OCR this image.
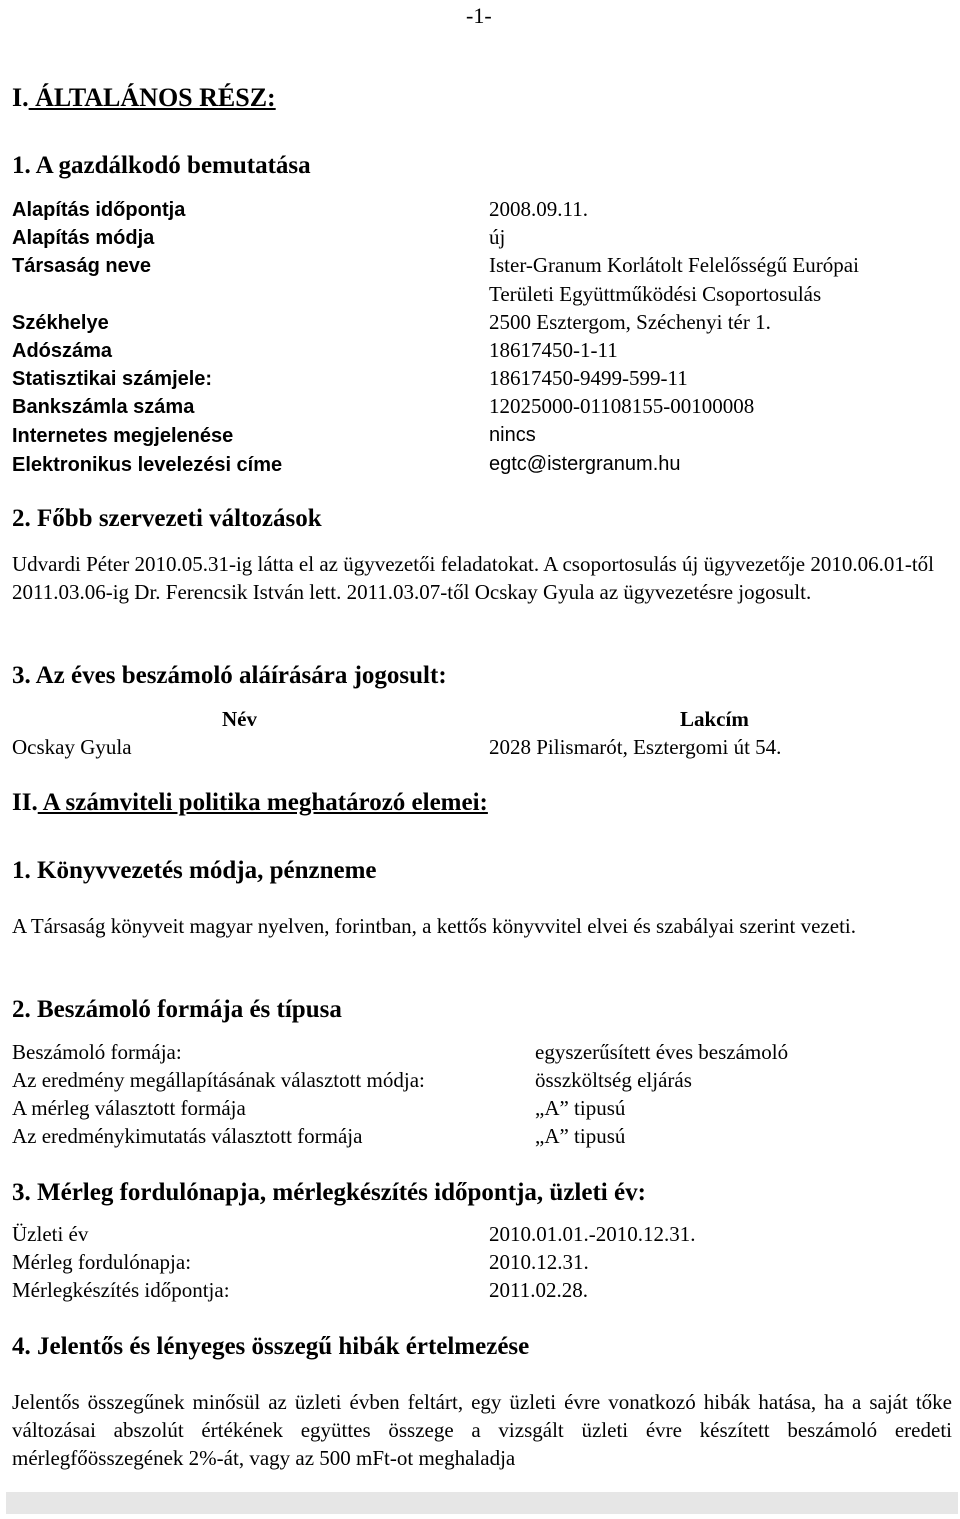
-1-
I. ÁLTALÁNOS RÉSZ:
1. A gazdálkodó bemutatása
Alapítás időpontja	2008.09.11.
Alapítás módja	új
Társaság neve	Ister-Granum Korlátolt Felelősségű Európai
Területi Együttműködési Csoportosulás
Székhelye	2500 Esztergom, Széchenyi tér 1.
Adószáma	18617450-1-11
Statisztikai számjele:	18617450-9499-599-11
Bankszámla száma	12025000-01108155-00100008
Internetes megjelenése	nincs
Elektronikus levelezési címe	egtc@istergranum.hu
2. Főbb szervezeti változások
Udvardi Péter 2010.05.31-ig látta el az ügyvezetői feladatokat. A csoportosulás új ügyvezetője 2010.06.01-től 2011.03.06-ig Dr. Ferencsik István lett. 2011.03.07-től Ocskay Gyula az ügyvezetésre jogosult.
3. Az éves beszámoló aláírására jogosult:
Név	Lakcím
Ocskay Gyula	2028 Pilismarót, Esztergomi út 54.
II. A számviteli politika meghatározó elemei:
1. Könyvvezetés módja, pénzneme
A Társaság könyveit magyar nyelven, forintban, a kettős könyvvitel elvei és szabályai szerint vezeti.
2. Beszámoló formája és típusa
Beszámoló formája:	egyszerűsített éves beszámoló
Az eredmény megállapításának választott módja:	összköltség eljárás
A mérleg választott formája	„A” tipusú
Az eredménykimutatás választott formája	„A” tipusú
3. Mérleg fordulónapja, mérlegkészítés időpontja, üzleti év:
Üzleti év	2010.01.01.-2010.12.31.
Mérleg fordulónapja:	2010.12.31.
Mérlegkészítés időpontja:	2011.02.28.
4. Jelentős és lényeges összegű hibák értelmezése
Jelentős összegűnek minősül az üzleti évben feltárt, egy üzleti évre vonatkozó hibák hatása, ha a saját tőke változásai abszolút értékének együttes összege a vizsgált üzleti évre készített beszámoló eredeti mérlegfőösszegének 2%-át, vagy az 500 mFt-ot meghaladja
